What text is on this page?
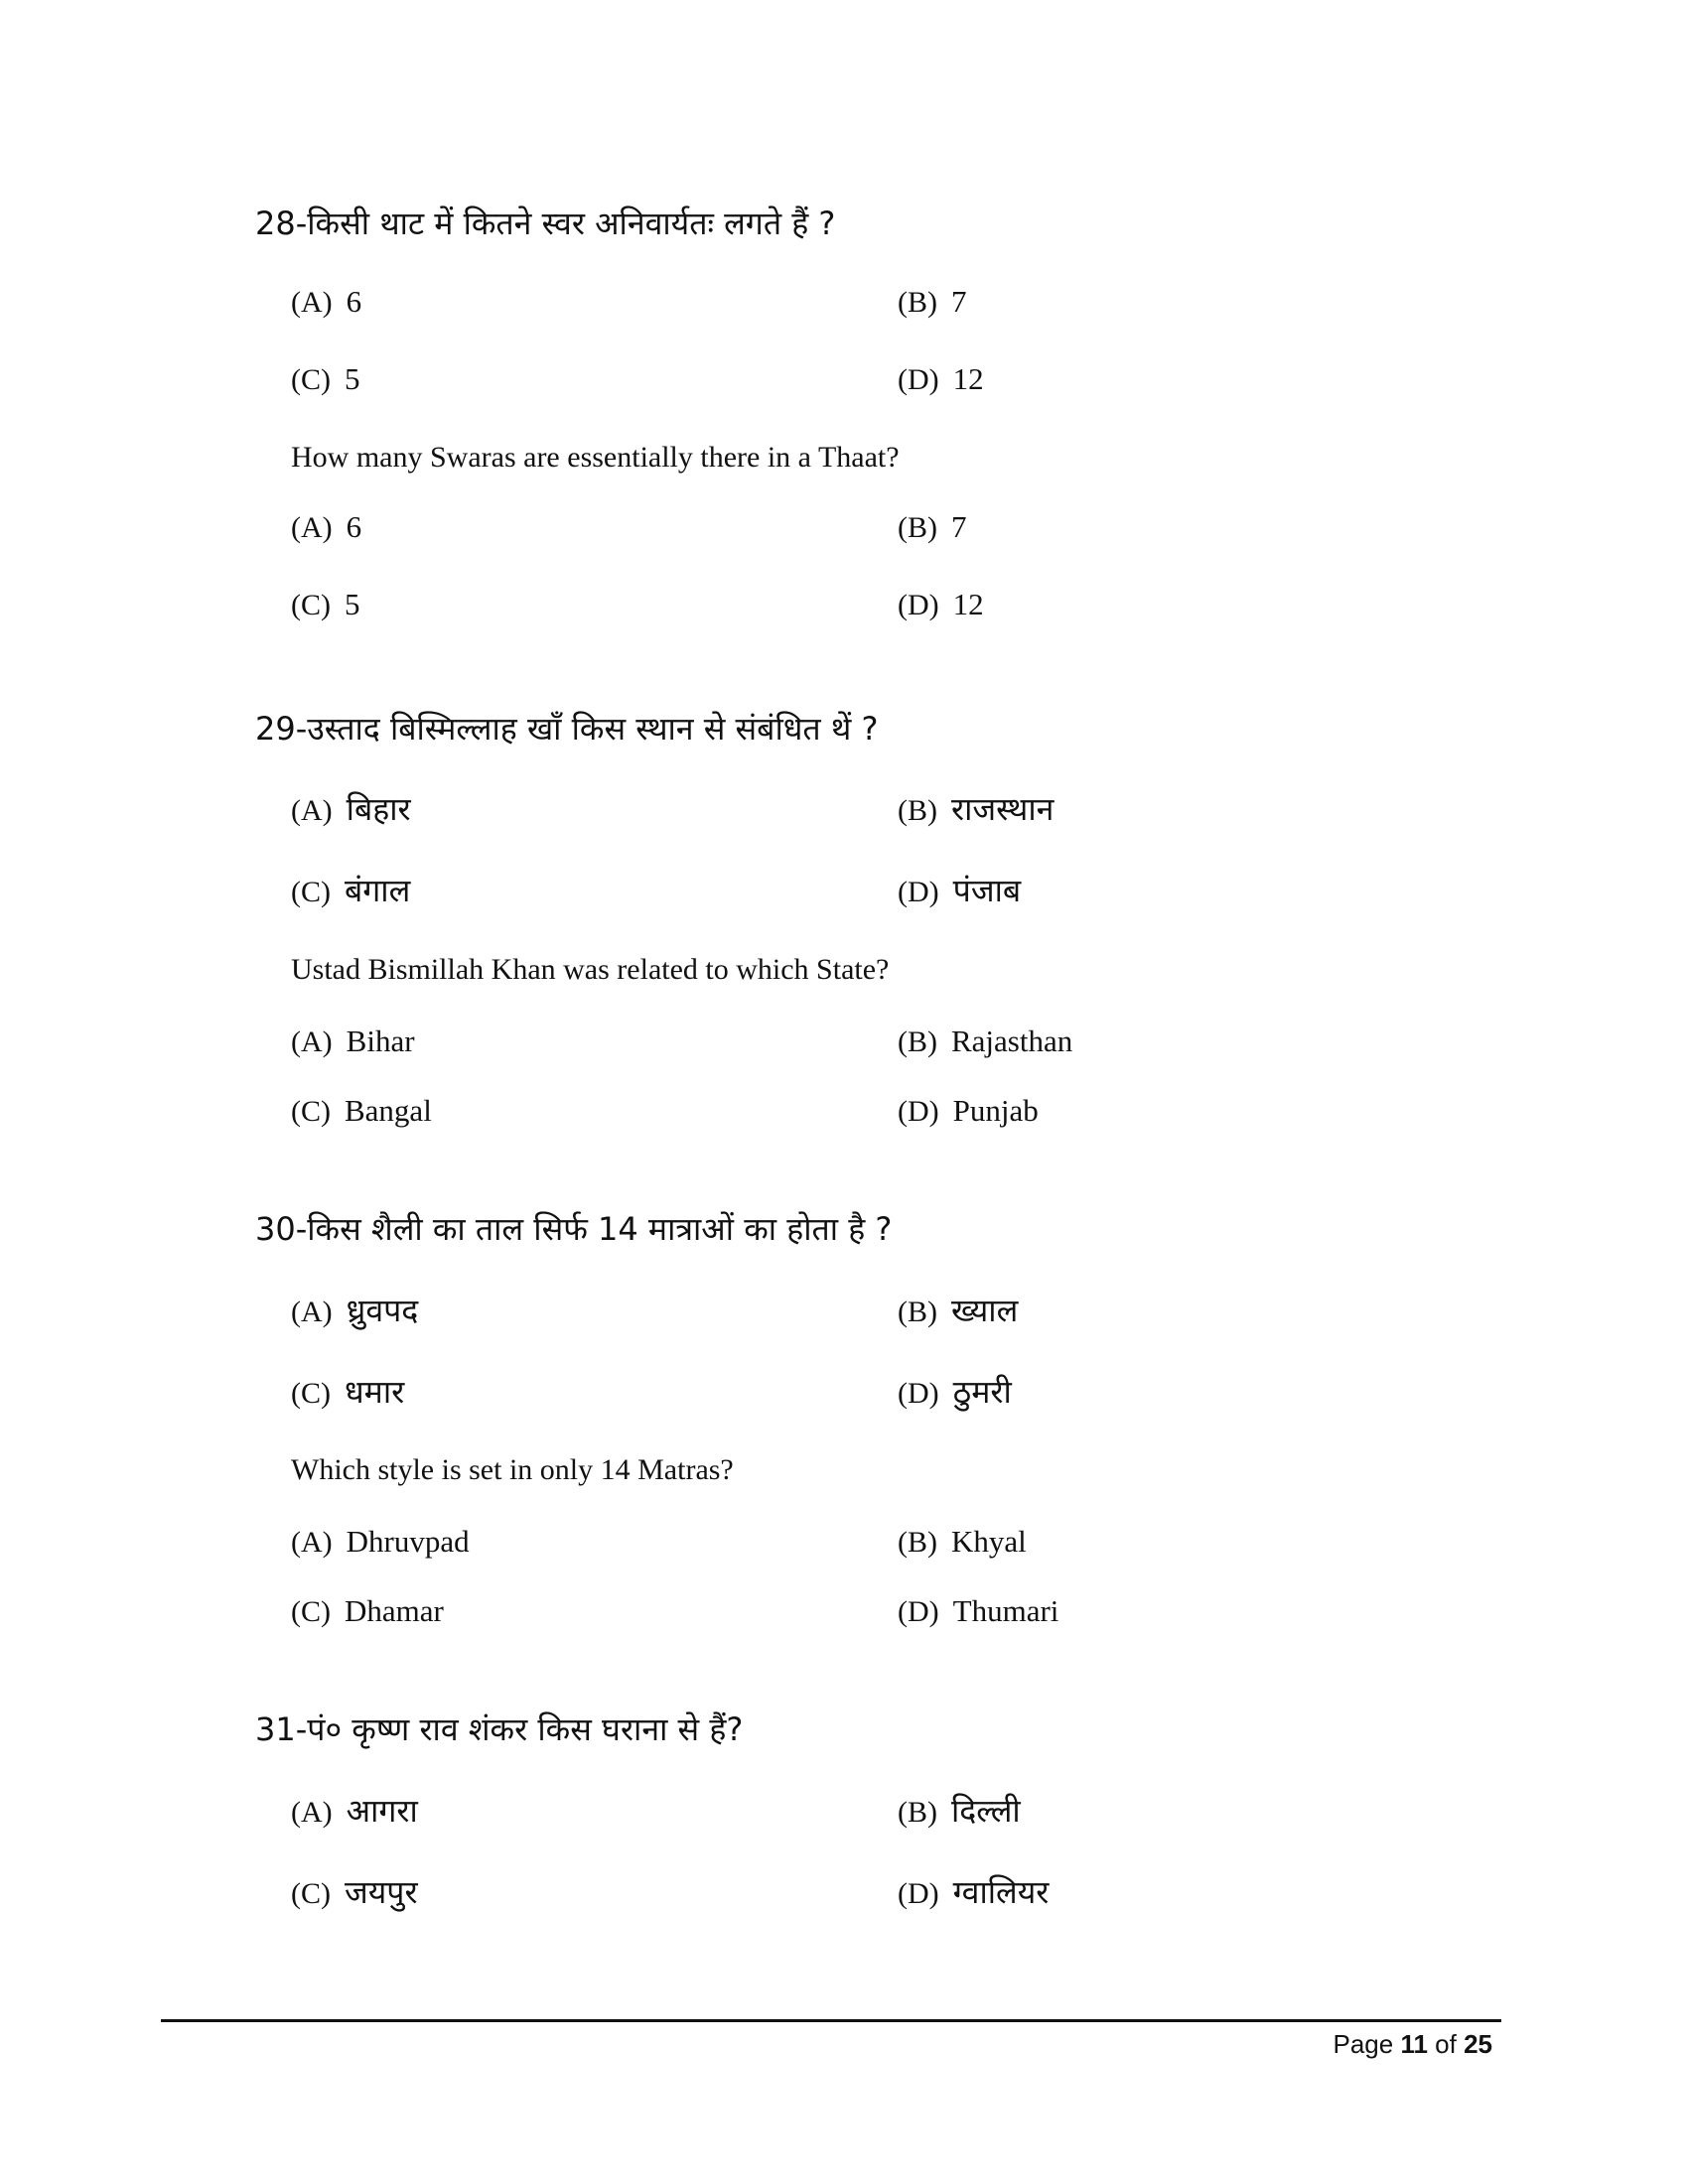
28-किसी थाट में कितने स्वर अनिवार्यतः लगते हैं ?
(A) 6	(B) 7
(C) 5	(D) 12
How many Swaras are essentially there in a Thaat?
(A) 6	(B) 7
(C) 5	(D) 12
29-उस्ताद बिस्मिल्लाह खाँ किस स्थान से संबंधित थें ?
(A) बिहार	(B) राजस्थान
(C) बंगाल	(D) पंजाब
Ustad Bismillah Khan was related to which State?
(A) Bihar	(B) Rajasthan
(C) Bangal	(D) Punjab
30-किस शैली का ताल सिर्फ 14 मात्राओं का होता है ?
(A) ध्रुवपद	(B) ख्याल
(C) धमार	(D) ठुमरी
Which style is set in only 14 Matras?
(A) Dhruvpad	(B) Khyal
(C) Dhamar	(D) Thumari
31-पं० कृष्ण राव शंकर किस घराना से हैं?
(A) आगरा	(B) दिल्ली
(C) जयपुर	(D) ग्वालियर
Page 11 of 25
